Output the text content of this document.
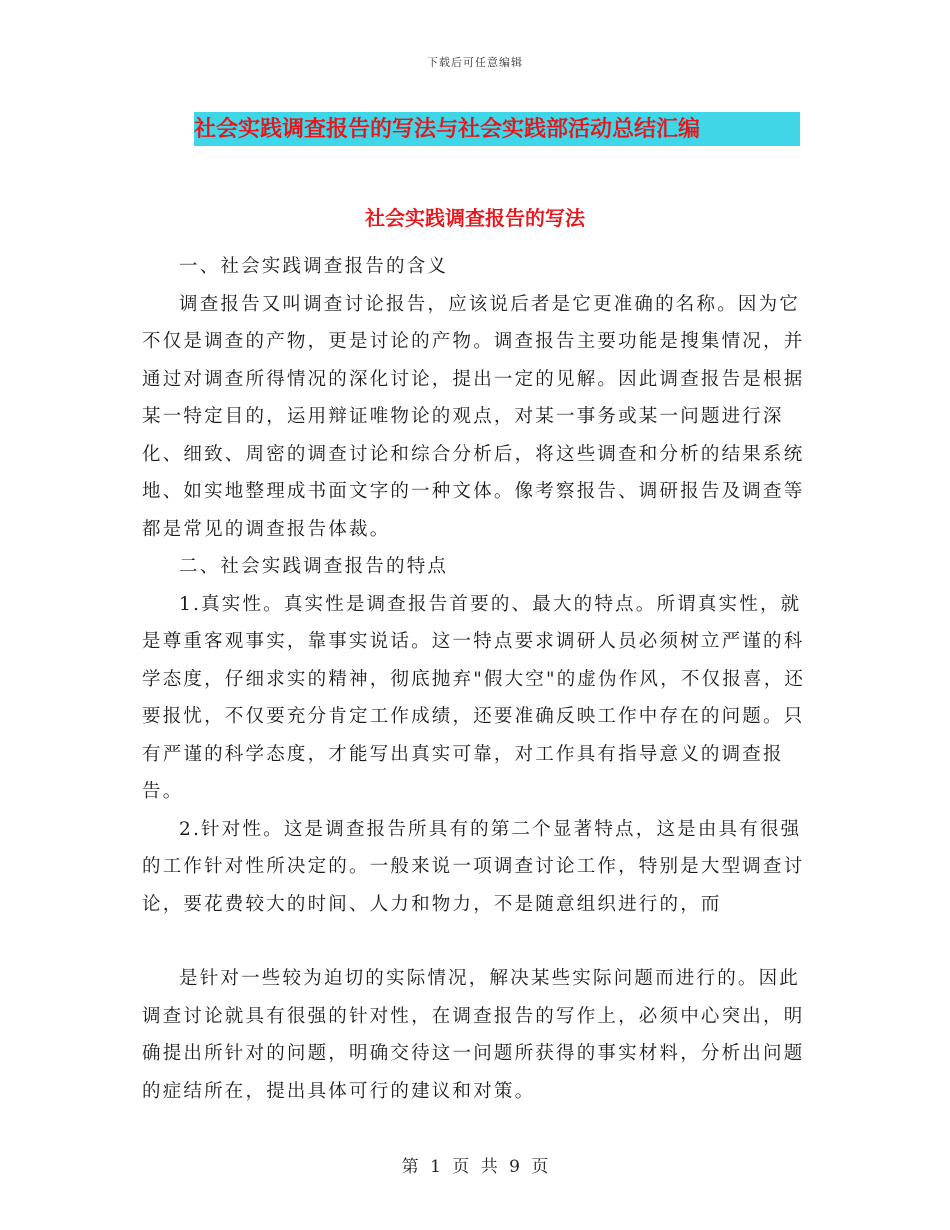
下载后可任意编辑
社会实践调查报告的写法与社会实践部活动总结汇编
社会实践调查报告的写法

一、社会实践调查报告的含义

调查报告又叫调查讨论报告，应该说后者是它更准确的名称。因为它不仅是调查的产物，更是讨论的产物。调查报告主要功能是搜集情况，并通过对调查所得情况的深化讨论，提出一定的见解。因此调查报告是根据某一特定目的，运用辩证唯物论的观点，对某一事务或某一问题进行深化、细致、周密的调查讨论和综合分析后，将这些调查和分析的结果系统地、如实地整理成书面文字的一种文体。像考察报告、调研报告及调查等都是常见的调查报告体裁。

二、社会实践调查报告的特点

1.真实性。真实性是调查报告首要的、最大的特点。所谓真实性，就是尊重客观事实，靠事实说话。这一特点要求调研人员必须树立严谨的科学态度，仔细求实的精神，彻底抛弃"假大空"的虚伪作风，不仅报喜，还要报忧，不仅要充分肯定工作成绩，还要准确反映工作中存在的问题。只有严谨的科学态度，才能写出真实可靠，对工作具有指导意义的调查报告。

2.针对性。这是调查报告所具有的第二个显著特点，这是由具有很强的工作针对性所决定的。一般来说一项调查讨论工作，特别是大型调查讨论，要花费较大的时间、人力和物力，不是随意组织进行的，而

是针对一些较为迫切的实际情况，解决某些实际问题而进行的。因此调查讨论就具有很强的针对性，在调查报告的写作上，必须中心突出，明确提出所针对的问题，明确交待这一问题所获得的事实材料，分析出问题的症结所在，提出具体可行的建议和对策。

第 1 页 共 9 页
